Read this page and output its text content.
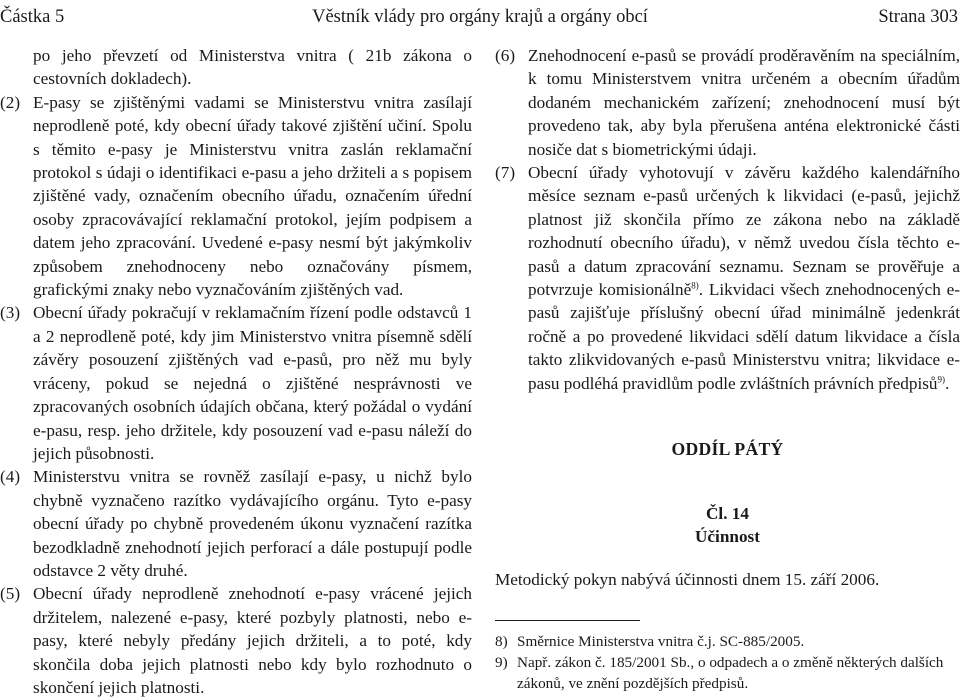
Věstník vlády pro orgány krajů a orgány obcí
Částka 5	Strana 303

po jeho převzetí od Ministerstva vnitra ( 21b zákona o cestovních dokladech).

(2) E-pasy se zjištěnými vadami se Ministerstvu vnitra zasílají neprodleně poté, kdy obecní úřady takové zjištění učiní. Spolu s těmito e-pasy je Ministerstvu vnitra zaslán reklamační protokol s údaji o identifikaci e-pasu a jeho držiteli a s popisem zjištěné vady, označením obecního úřadu, označením úřední osoby zpracovávající reklamační protokol, jejím podpisem a datem jeho zpracování. Uvedené e-pasy nesmí být jakýmkoliv způsobem znehodnoceny nebo označovány písmem, grafickými znaky nebo vyznačováním zjištěných vad.

(3) Obecní úřady pokračují v reklamačním řízení podle odstavců 1 a 2 neprodleně poté, kdy jim Ministerstvo vnitra písemně sdělí závěry posouzení zjištěných vad e-pasů, pro něž mu byly vráceny, pokud se nejedná o zjištěné nesprávnosti ve zpracovaných osobních údajích občana, který požádal o vydání e-pasu, resp. jeho držitele, kdy posouzení vad e-pasu náleží do jejich působnosti.

(4) Ministerstvu vnitra se rovněž zasílají e-pasy, u nichž bylo chybně vyznačeno razítko vydávajícího orgánu. Tyto e-pasy obecní úřady po chybně provedeném úkonu vyznačení razítka bezodkladně znehodnotí jejich perforací a dále postupují podle odstavce 2 věty druhé.

(5) Obecní úřady neprodleně znehodnotí e-pasy vrácené jejich držitelem, nalezené e-pasy, které pozbyly platnosti, nebo e-pasy, které nebyly předány jejich držiteli, a to poté, kdy skončila doba jejich platnosti nebo kdy bylo rozhodnuto o skončení jejich platnosti.

(6) Znehodnocení e-pasů se provádí proděravěním na speciálním, k tomu Ministerstvem vnitra určeném a obecním úřadům dodaném mechanickém zařízení; znehodnocení musí být provedeno tak, aby byla přerušena anténa elektronické části nosiče dat s biometrickými údaji.

(7) Obecní úřady vyhotovují v závěru každého kalendářního měsíce seznam e-pasů určených k likvidaci (e-pasů, jejichž platnost již skončila přímo ze zákona nebo na základě rozhodnutí obecního úřadu), v němž uvedou čísla těchto e-pasů a datum zpracování seznamu. Seznam se prověřuje a potvrzuje komisionálně$^{8)}$. Likvidaci všech znehodnocených e-pasů zajišťuje příslušný obecní úřad minimálně jedenkrát ročně a po provedené likvidaci sdělí datum likvidace a čísla takto zlikvidovaných e-pasů Ministerstvu vnitra; likvidace e-pasu podléhá pravidlům podle zvláštních právních předpisů$^{9)}$.

ODDÍL PÁTÝ
Čl. 14
Účinnost

Metodický pokyn nabývá účinnosti dnem 15. září 2006.

8) Směrnice Ministerstva vnitra č.j. SC-885/2005.
9) Např. zákon č. 185/2001 Sb., o odpadech a o změně některých dalších zákonů, ve znění pozdějších předpisů.
